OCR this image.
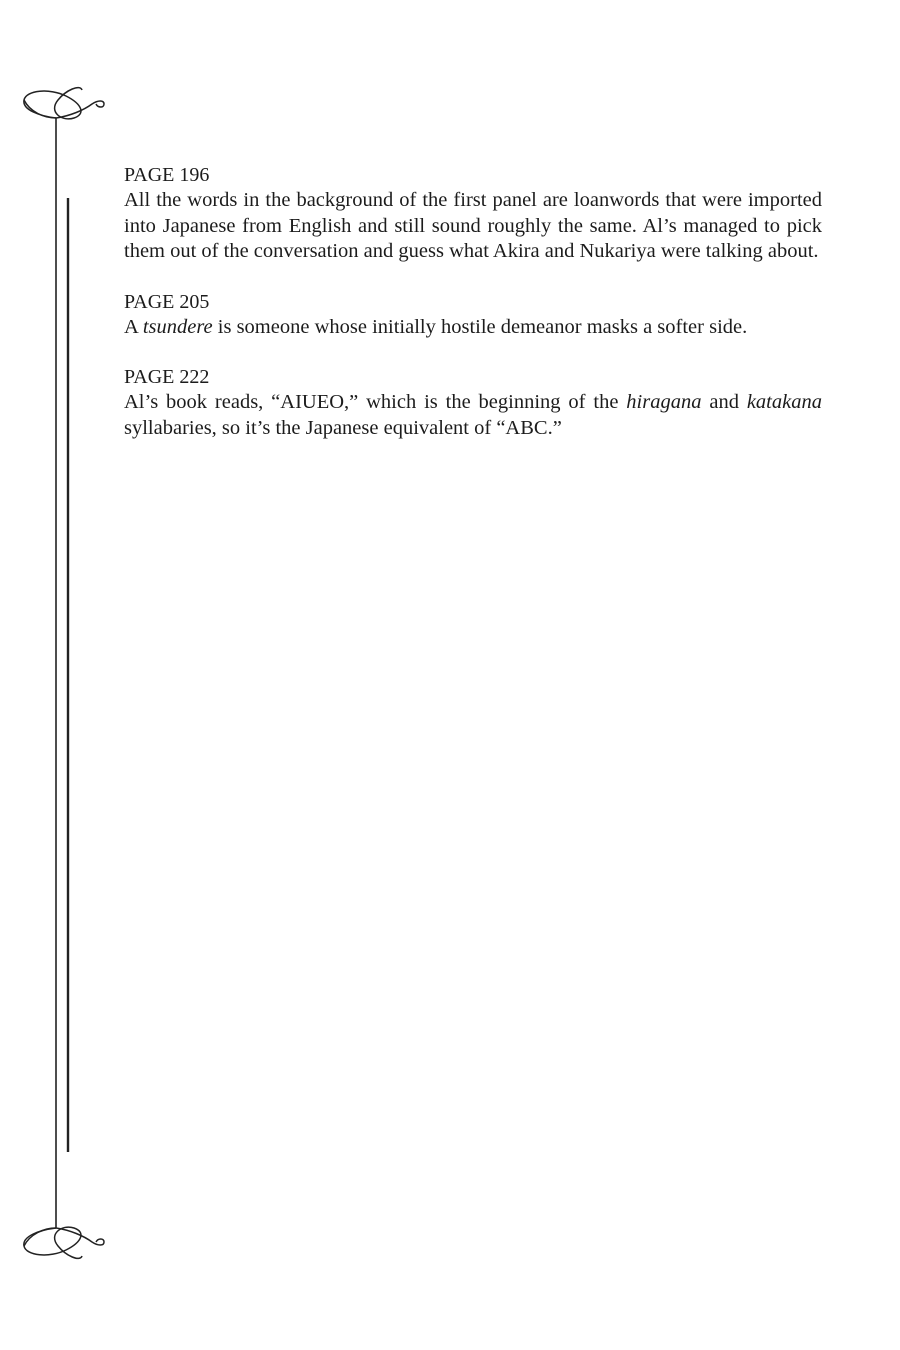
PAGE 196

All the words in the background of the first panel are loanwords that were imported into Japanese from English and still sound roughly the same. Al’s managed to pick them out of the conversation and guess what Akira and Nukariya were talking about.

PAGE 205

A tsundere is someone whose initially hostile demeanor masks a softer side.

PAGE 222

Al’s book reads, “AIUEO,” which is the beginning of the hiragana and katakana syllabaries, so it’s the Japanese equivalent of “ABC.”
